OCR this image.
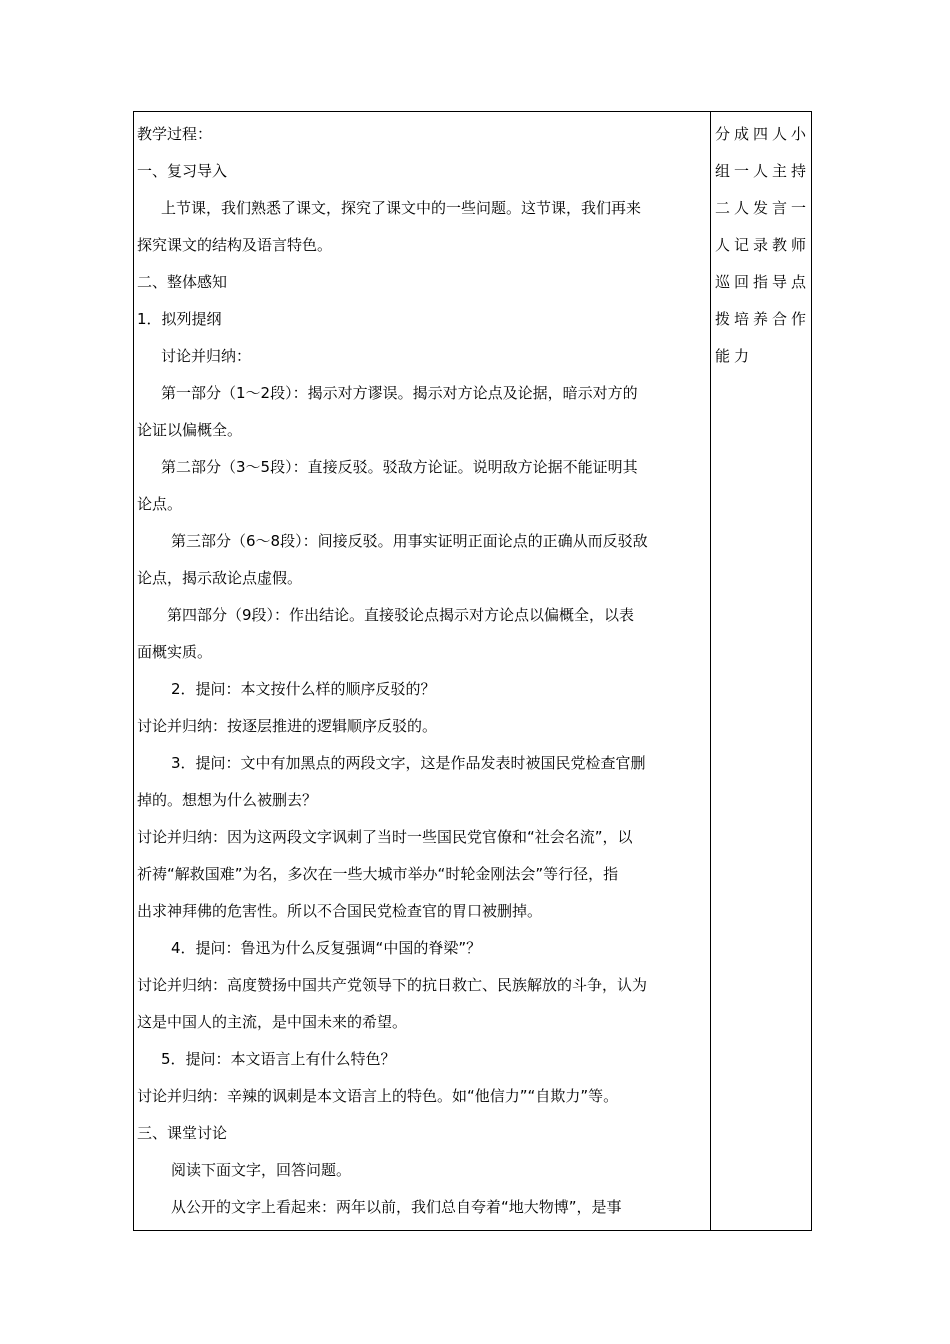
教学过程：
一、复习导入
上节课，我们熟悉了课文，探究了课文中的一些问题。这节课，我们再来
探究课文的结构及语言特色。
二、整体感知
1．拟列提纲
讨论并归纳：
第一部分（1～2段）：揭示对方谬误。揭示对方论点及论据，暗示对方的
论证以偏概全。
第二部分（3～5段）：直接反驳。驳敌方论证。说明敌方论据不能证明其
论点。
第三部分（6～8段）：间接反驳。用事实证明正面论点的正确从而反驳敌
论点，揭示敌论点虚假。
第四部分（9段）：作出结论。直接驳论点揭示对方论点以偏概全，以表
面概实质。
2．提问：本文按什么样的顺序反驳的？
讨论并归纳：按逐层推进的逻辑顺序反驳的。
3．提问：文中有加黑点的两段文字，这是作品发表时被国民党检查官删
掉的。想想为什么被删去？
讨论并归纳：因为这两段文字讽刺了当时一些国民党官僚和“社会名流”，以
祈祷“解救国难”为名，多次在一些大城市举办“时轮金刚法会”等行径，指
出求神拜佛的危害性。所以不合国民党检查官的胃口被删掉。
4．提问：鲁迅为什么反复强调“中国的脊梁”？
讨论并归纳：高度赞扬中国共产党领导下的抗日救亡、民族解放的斗争，认为
这是中国人的主流，是中国未来的希望。
5．提问：本文语言上有什么特色？
讨论并归纳：辛辣的讽刺是本文语言上的特色。如“他信力”“自欺力”等。
三、课堂讨论
阅读下面文字，回答问题。
从公开的文字上看起来：两年以前，我们总自夸着“地大物博”，是事
分成四人小
组一人主持
二人发言一
人记录教师
巡回指导点
拨培养合作
能力
